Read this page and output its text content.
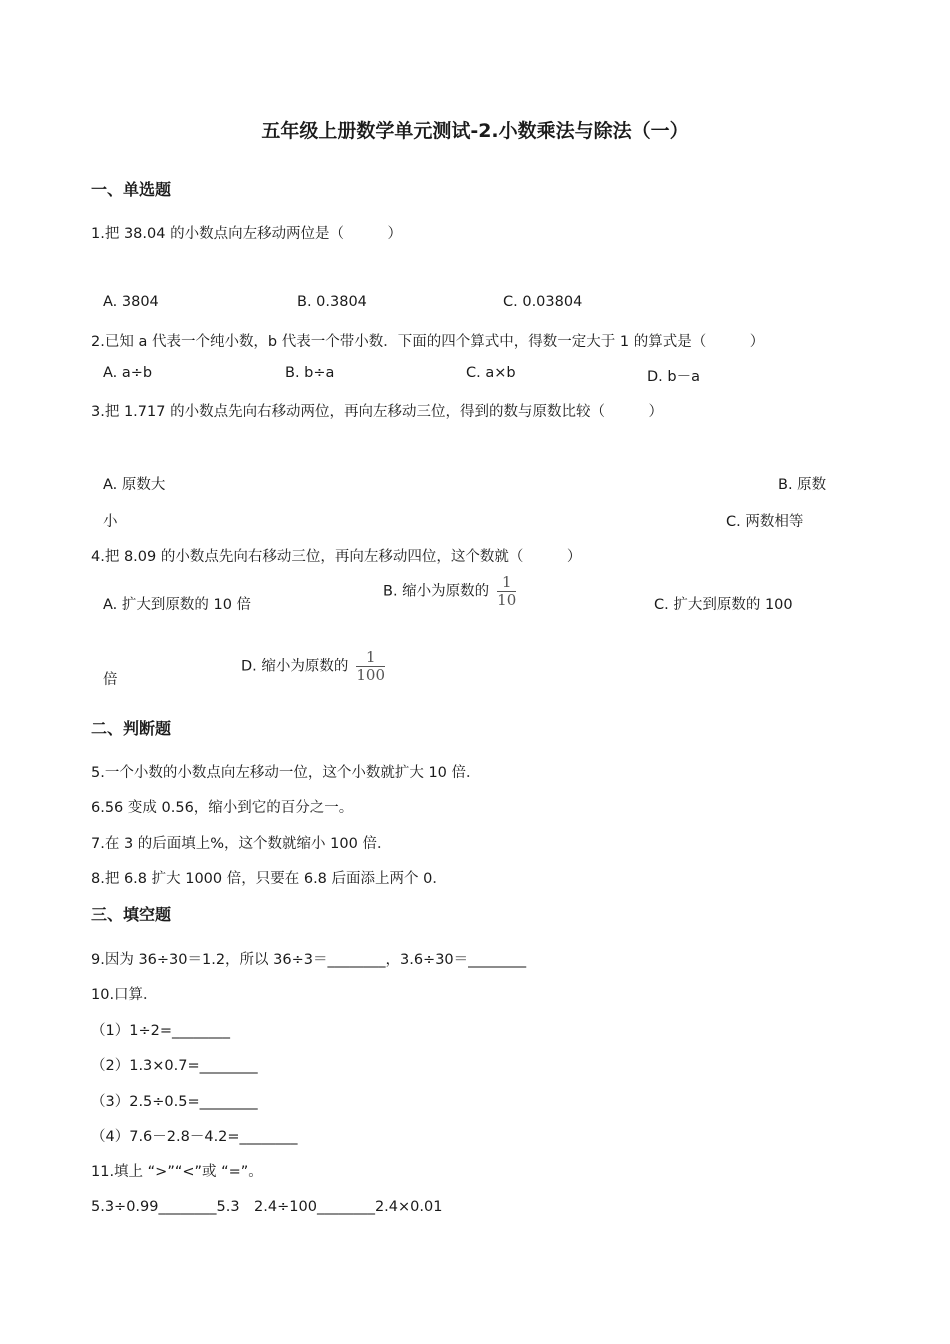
五年级上册数学单元测试-2.小数乘法与除法（一）
一、单选题
1.把 38.04 的小数点向左移动两位是（　　　）
A. 3804	B. 0.3804	C. 0.03804
2.已知 a 代表一个纯小数，b 代表一个带小数．下面的四个算式中，得数一定大于 1 的算式是（　　　）
A. a÷b	B. b÷a	C. a×b	D. b－a
3.把 1.717 的小数点先向右移动两位，再向左移动三位，得到的数与原数比较（　　　）
A. 原数大	B. 原数
小	C. 两数相等
4.把 8.09 的小数点先向右移动三位，再向左移动四位，这个数就（　　　）
A. 扩大到原数的 10 倍
B. 缩小为原数的 $\frac{1}{10}$	C. 扩大到原数的 100
倍
D. 缩小为原数的 $\frac{1}{100}$
二、判断题
5.一个小数的小数点向左移动一位，这个小数就扩大 10 倍．
6.56 变成 0.56，缩小到它的百分之一。
7.在 3 的后面填上%，这个数就缩小 100 倍．
8.把 6.8 扩大 1000 倍，只要在 6.8 后面添上两个 0．
三、填空题
9.因为 36÷30＝1.2，所以 36÷3＝________，3.6÷30＝________
10.口算．
（1）1÷2=________
（2）1.3×0.7=________
（3）2.5÷0.5=________
（4）7.6－2.8－4.2=________
11.填上 “>”“<”或 “=”。
5.3÷0.99________5.3　2.4÷100________2.4×0.01
